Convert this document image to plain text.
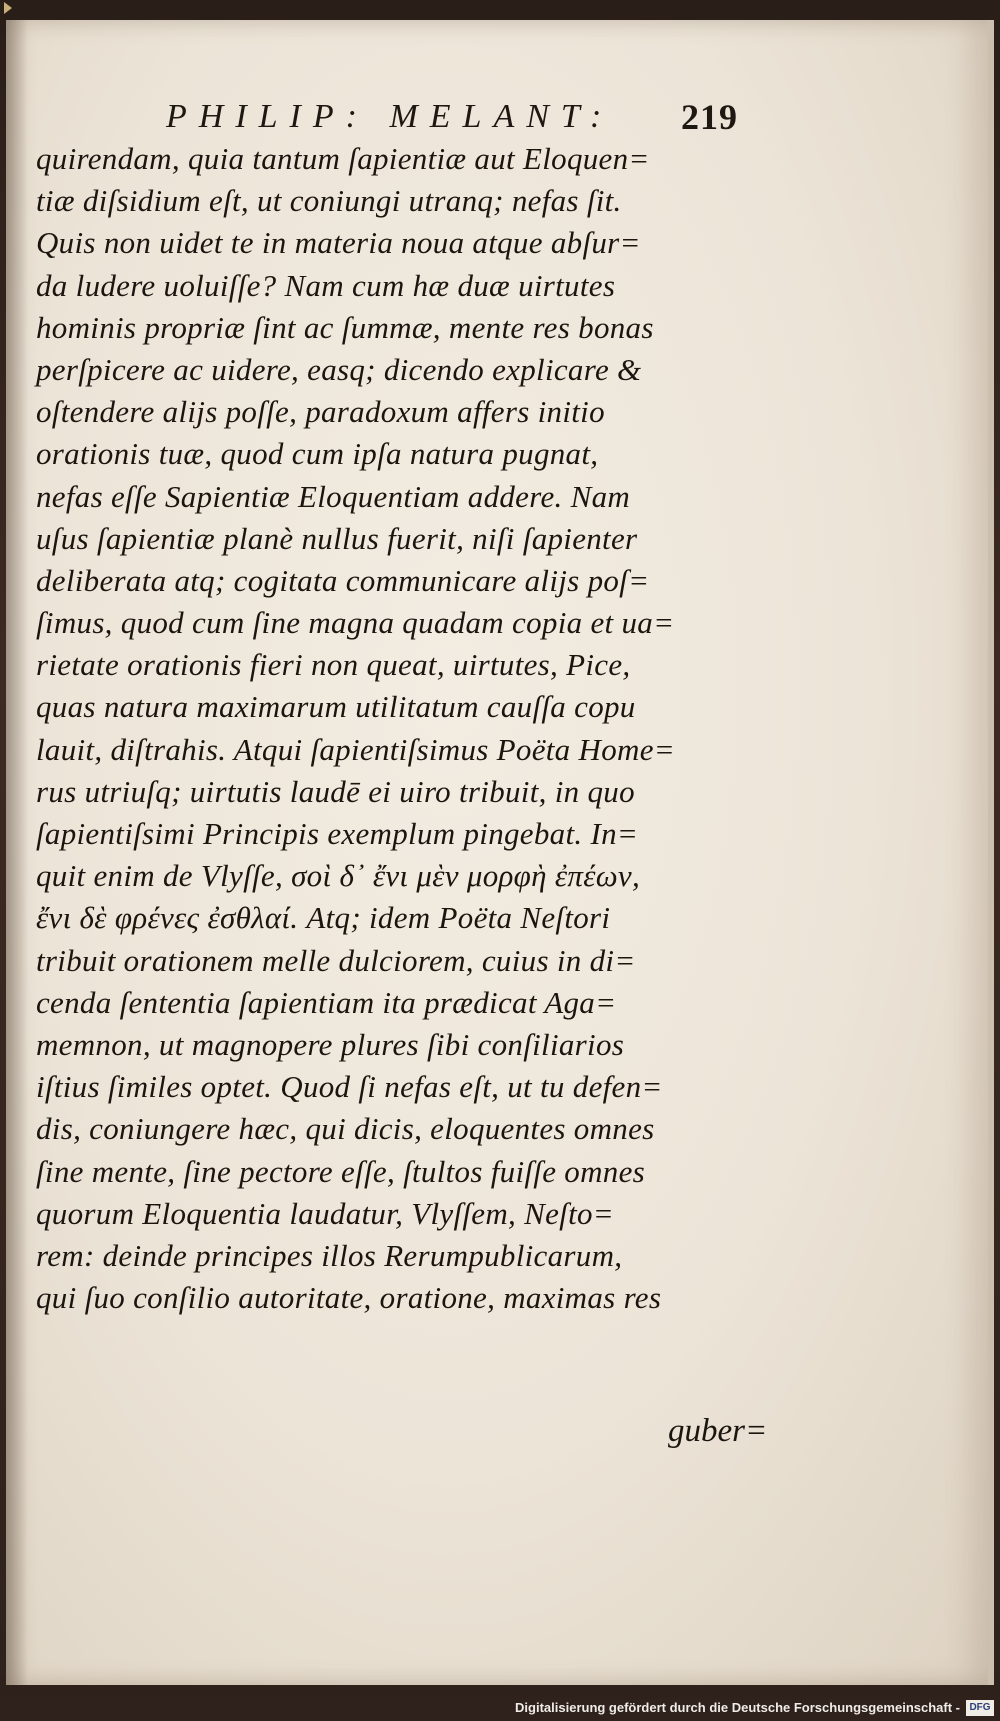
PHILIP: MELANT: 219
quirendam, quia tantum ſapientiæ aut Eloquen=
tiæ diſsidium eſt, ut coniungi utranq; nefas ſit.
Quis non uidet te in materia noua atque abſur=
da ludere uoluiſſe? Nam cum hæ duæ uirtutes
hominis propriæ ſint ac ſummæ, mente res bonas
perſpicere ac uidere, easq; dicendo explicare &
oſtendere alijs poſſe, paradoxum affers initio
orationis tuæ, quod cum ipſa natura pugnat,
nefas eſſe Sapientiæ Eloquentiam addere. Nam
uſus ſapientiæ planè nullus fuerit, niſi ſapienter
deliberata atq; cogitata communicare alijs poſ=
ſimus, quod cum ſine magna quadam copia et ua=
rietate orationis fieri non queat, uirtutes, Pice,
quas natura maximarum utilitatum cauſſa copu
lauit, diſtrahis. Atqui ſapientiſsimus Poëta Home=
rus utriuſq; uirtutis laudē ei uiro tribuit, in quo
ſapientiſsimi Principis exemplum pingebat. In=
quit enim de Vlyſſe, σοὶ δ᾽ ἔνι μὲν μορφὴ ἐπέων,
ἔνι δὲ φρένες ἐσθλαί. Atq; idem Poëta Neſtori
tribuit orationem melle dulciorem, cuius in di=
cenda ſententia ſapientiam ita prædicat Aga=
memnon, ut magnopere plures ſibi conſiliarios
iſtius ſimiles optet. Quod ſi nefas eſt, ut tu defen=
dis, coniungere hæc, qui dicis, eloquentes omnes
ſine mente, ſine pectore eſſe, ſtultos fuiſſe omnes
quorum Eloquentia laudatur, Vlyſſem, Neſto=
rem: deinde principes illos Rerumpublicarum,
qui ſuo conſilio autoritate, oratione, maximas res
guber=
Digitalisierung gefördert durch die Deutsche Forschungsgemeinschaft - DFG
